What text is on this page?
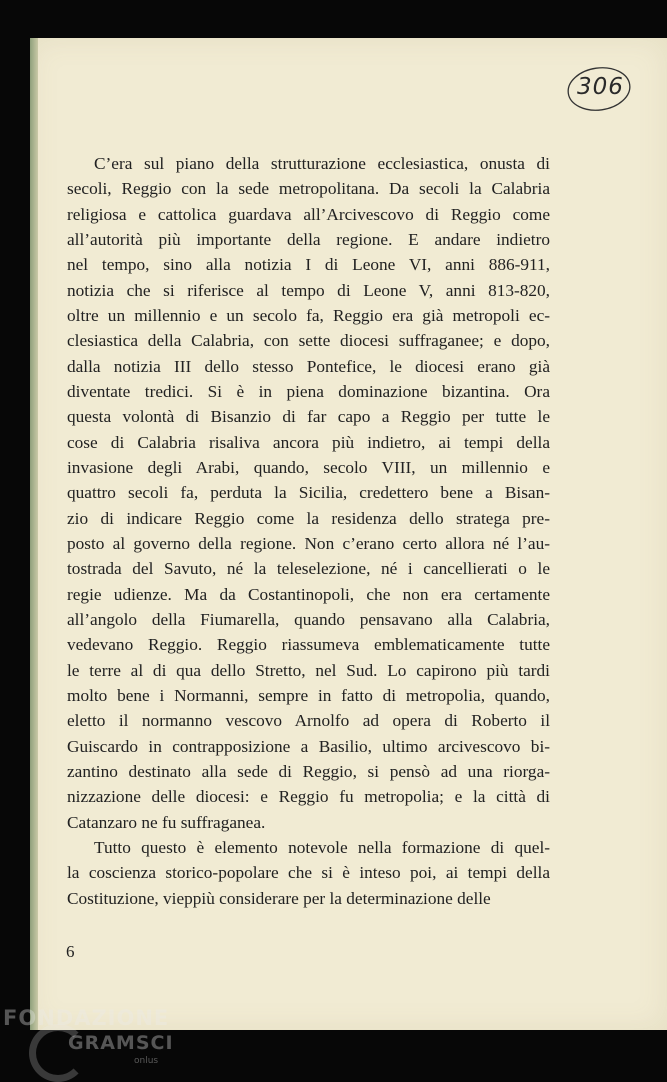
306
C’era sul piano della strutturazione ecclesiastica, onusta di
secoli, Reggio con la sede metropolitana. Da secoli la Calabria
religiosa e cattolica guardava all’Arcivescovo di Reggio come
all’autorità più importante della regione. E andare indietro
nel tempo, sino alla notizia I di Leone VI, anni 886-911,
notizia che si riferisce al tempo di Leone V, anni 813-820,
oltre un millennio e un secolo fa, Reggio era già metropoli ec-
clesiastica della Calabria, con sette diocesi suffraganee; e dopo,
dalla notizia III dello stesso Pontefice, le diocesi erano già
diventate tredici. Si è in piena dominazione bizantina. Ora
questa volontà di Bisanzio di far capo a Reggio per tutte le
cose di Calabria risaliva ancora più indietro, ai tempi della
invasione degli Arabi, quando, secolo VIII, un millennio e
quattro secoli fa, perduta la Sicilia, credettero bene a Bisan-
zio di indicare Reggio come la residenza dello stratega pre-
posto al governo della regione. Non c’erano certo allora né l’au-
tostrada del Savuto, né la teleselezione, né i cancellierati o le
regie udienze. Ma da Costantinopoli, che non era certamente
all’angolo della Fiumarella, quando pensavano alla Calabria,
vedevano Reggio. Reggio riassumeva emblematicamente tutte
le terre al di qua dello Stretto, nel Sud. Lo capirono più tardi
molto bene i Normanni, sempre in fatto di metropolia, quando,
eletto il normanno vescovo Arnolfo ad opera di Roberto il
Guiscardo in contrapposizione a Basilio, ultimo arcivescovo bi-
zantino destinato alla sede di Reggio, si pensò ad una riorga-
nizzazione delle diocesi: e Reggio fu metropolia; e la città di
Catanzaro ne fu suffraganea.
Tutto questo è elemento notevole nella formazione di quel-
la coscienza storico-popolare che si è inteso poi, ai tempi della
Costituzione, vieppiù considerare per la determinazione delle
6
FONDAZIONE
GRAMSCI
onlus
